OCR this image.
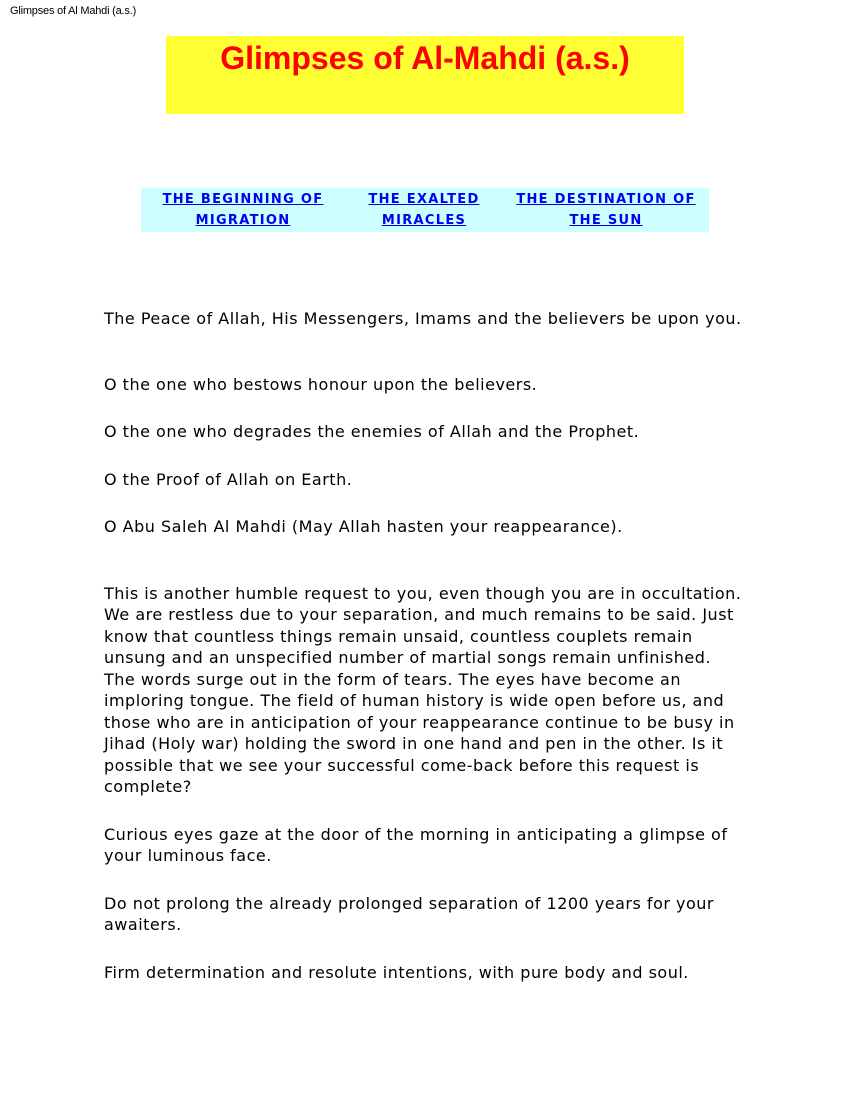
Glimpses of Al Mahdi (a.s.)
Glimpses of Al-Mahdi (a.s.)
THE BEGINNING OF
MIGRATION
THE EXALTED
MIRACLES
THE DESTINATION OF
THE SUN

The Peace of Allah, His Messengers, Imams and the believers be upon you.

O the one who bestows honour upon the believers.

O the one who degrades the enemies of Allah and the Prophet.

O the Proof of Allah on Earth.

O Abu Saleh Al Mahdi (May Allah hasten your reappearance).

This is another humble request to you, even though you are in occultation. We are restless due to your separation, and much remains to be said. Just know that countless things remain unsaid, countless couplets remain unsung and an unspecified number of martial songs remain unfinished. The words surge out in the form of tears. The eyes have become an imploring tongue. The field of human history is wide open before us, and those who are in anticipation of your reappearance continue to be busy in Jihad (Holy war) holding the sword in one hand and pen in the other. Is it possible that we see your successful come-back before this request is complete?

Curious eyes gaze at the door of the morning in anticipating a glimpse of your luminous face.

Do not prolong the already prolonged separation of 1200 years for your awaiters.

Firm determination and resolute intentions, with pure body and soul.
